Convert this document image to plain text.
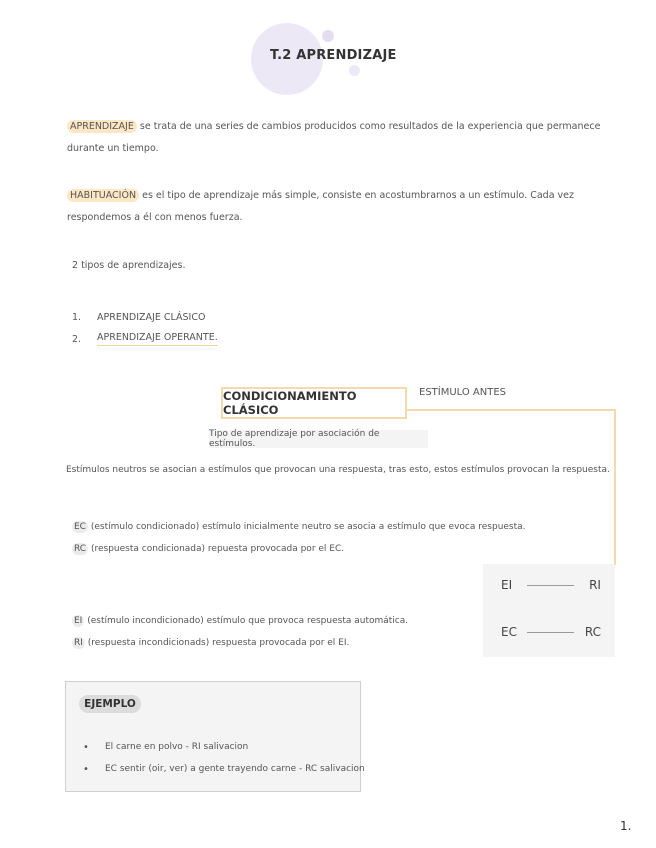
T.2 APRENDIZAJE
APRENDIZAJE se trata de una series de cambios producidos como resultados de la experiencia que permanece
durante un tiempo.
HABITUACIÓN es el tipo de aprendizaje más simple, consiste en acostumbrarnos a un estímulo. Cada vez
respondemos a él con menos fuerza.
2 tipos de aprendizajes.
1.	APRENDIZAJE CLÁSICO
2.	APRENDIZAJE OPERANTE.
CONDICIONAMIENTO CLÁSICO
ESTÍMULO ANTES
Tipo de aprendizaje por asociación de estímulos.
Estímulos neutros se asocian a estímulos que provocan una respuesta, tras esto, estos estímulos provocan la respuesta.
EC (estímulo condicionado) estímulo inicialmente neutro se asocia a estímulo que evoca respuesta.
RC (respuesta condicionada) repuesta provocada por el EC.
EI	RI
EC	RC
EI (estímulo incondicionado) estímulo que provoca respuesta automática.
RI (respuesta incondicionads) respuesta provocada por el EI.
EJEMPLO
•	El carne en polvo - RI salivacion
•	EC sentir (oir, ver) a gente trayendo carne - RC salivacion
1.
